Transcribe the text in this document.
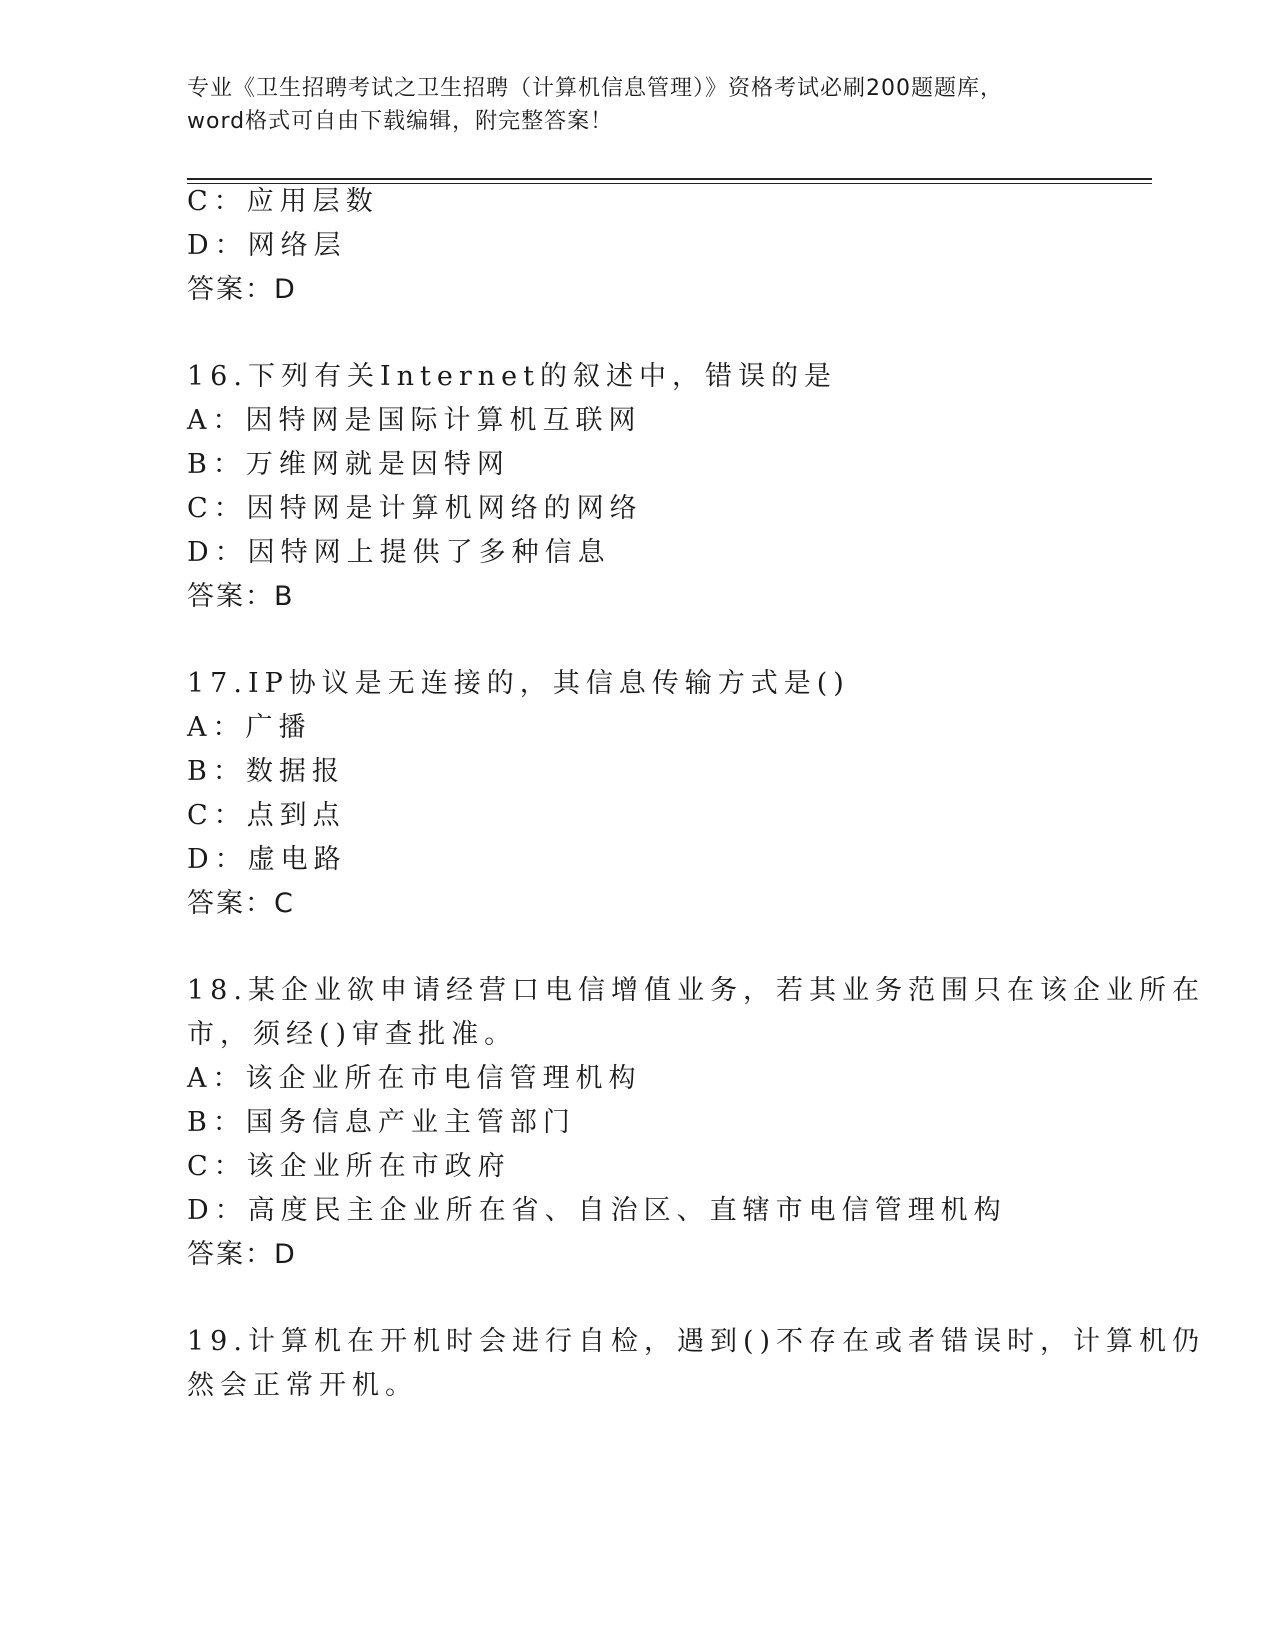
专业《卫生招聘考试之卫生招聘（计算机信息管理）》资格考试必刷200题题库，
word格式可自由下载编辑，附完整答案！
C：应用层数
D：网络层
答案：D
16.下列有关Internet的叙述中，错误的是
A：因特网是国际计算机互联网
B：万维网就是因特网
C：因特网是计算机网络的网络
D：因特网上提供了多种信息
答案：B
17.IP协议是无连接的，其信息传输方式是()
A：广播
B：数据报
C：点到点
D：虚电路
答案：C
18.某企业欲申请经营口电信增值业务，若其业务范围只在该企业所在
市，须经()审查批准。
A：该企业所在市电信管理机构
B：国务信息产业主管部门
C：该企业所在市政府
D：高度民主企业所在省、自治区、直辖市电信管理机构
答案：D
19.计算机在开机时会进行自检，遇到()不存在或者错误时，计算机仍
然会正常开机。
